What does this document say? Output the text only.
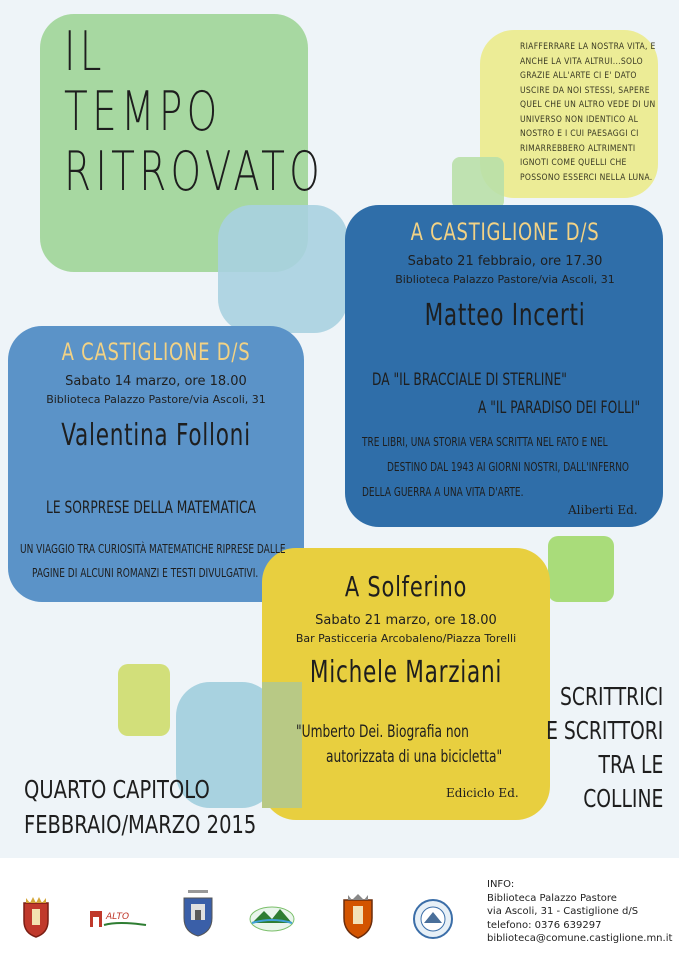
IL
TEMPO
RITROVATO
RIAFFERRARE LA NOSTRA VITA, E ANCHE LA VITA ALTRUI...SOLO GRAZIE ALL'ARTE CI E' DATO USCIRE DA NOI STESSI, SAPERE QUEL CHE UN ALTRO VEDE DI UN UNIVERSO NON IDENTICO AL NOSTRO E I CUI PAESAGGI CI RIMARREBBERO ALTRIMENTI IGNOTI COME QUELLI CHE POSSONO ESSERCI NELLA LUNA.
A CASTIGLIONE D/S
Sabato 21 febbraio, ore 17.30
Biblioteca Palazzo Pastore/via Ascoli, 31
Matteo Incerti
DA "IL BRACCIALE DI STERLINE"
A "IL PARADISO DEI FOLLI"
TRE LIBRI, UNA STORIA VERA SCRITTA NEL FATO E NEL
DESTINO DAL 1943 AI GIORNI NOSTRI, DALL'INFERNO
DELLA GUERRA A UNA VITA D'ARTE.
Aliberti Ed.
A CASTIGLIONE D/S
Sabato 14 marzo, ore 18.00
Biblioteca Palazzo Pastore/via Ascoli, 31
Valentina Folloni
LE SORPRESE DELLA MATEMATICA
UN VIAGGIO TRA CURIOSITÀ MATEMATICHE RIPRESE DALLE
PAGINE DI ALCUNI ROMANZI E TESTI DIVULGATIVI.	A Solferino
Sabato 21 marzo, ore 18.00
Bar Pasticceria Arcobaleno/Piazza Torelli
Michele Marziani
"Umberto Dei. Biografia non
autorizzata di una bicicletta"
Ediciclo Ed.
QUARTO CAPITOLO
FEBBRAIO/MARZO 2015
SCRITTRICI
E SCRITTORI
TRA LE
COLLINE
ALTO
INFO:
Biblioteca Palazzo Pastore
via Ascoli, 31 - Castiglione d/S
telefono: 0376 639297
biblioteca@comune.castiglione.mn.it
